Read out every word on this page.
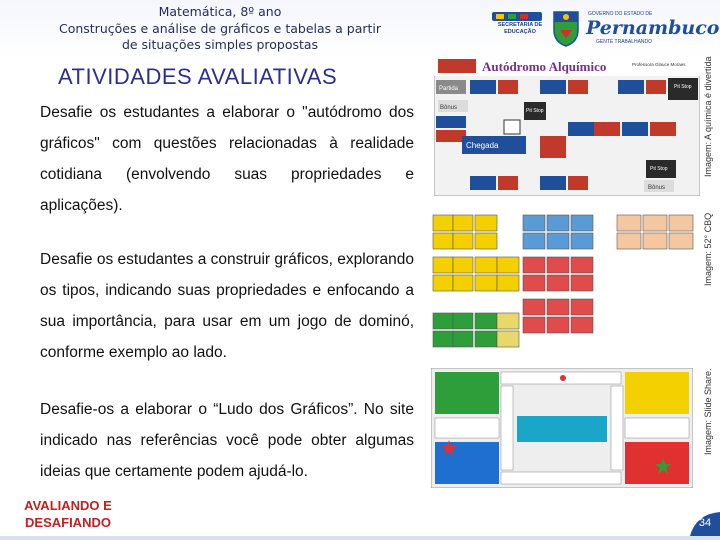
Matemática, 8º ano
Construções e análise de gráficos e tabelas a partir
de situações simples propostas
SECRETARIA DE EDUCAÇÃO
GOVERNO DO ESTADO DE
Pernambuco
GENTE TRABALHANDO
ATIVIDADES AVALIATIVAS
Desafie os estudantes a elaborar o "autódromo dos gráficos" com questões relacionadas à realidade
cotidiana (envolvendo suas propriedades e
aplicações).
Desafie os estudantes a construir gráficos, explorando os tipos, indicando suas propriedades e enfocando a sua importância, para usar em um jogo de dominó, conforme exemplo ao lado.
Desafie-os a elaborar o “Ludo dos Gráficos”. No site indicado nas referências você pode obter algumas ideias que certamente podem ajudá-lo.
Autódromo Alquímico	Professora Glauce Moraes
Partida	Pit Stop
Bônus	Pit Stop
Chegada
Pit Stop
Bônus
Imagem: A química é divertida
Imagem: 52° CBQ
Imagem: Slide Share.
AVALIANDO E
DESAFIANDO	34
